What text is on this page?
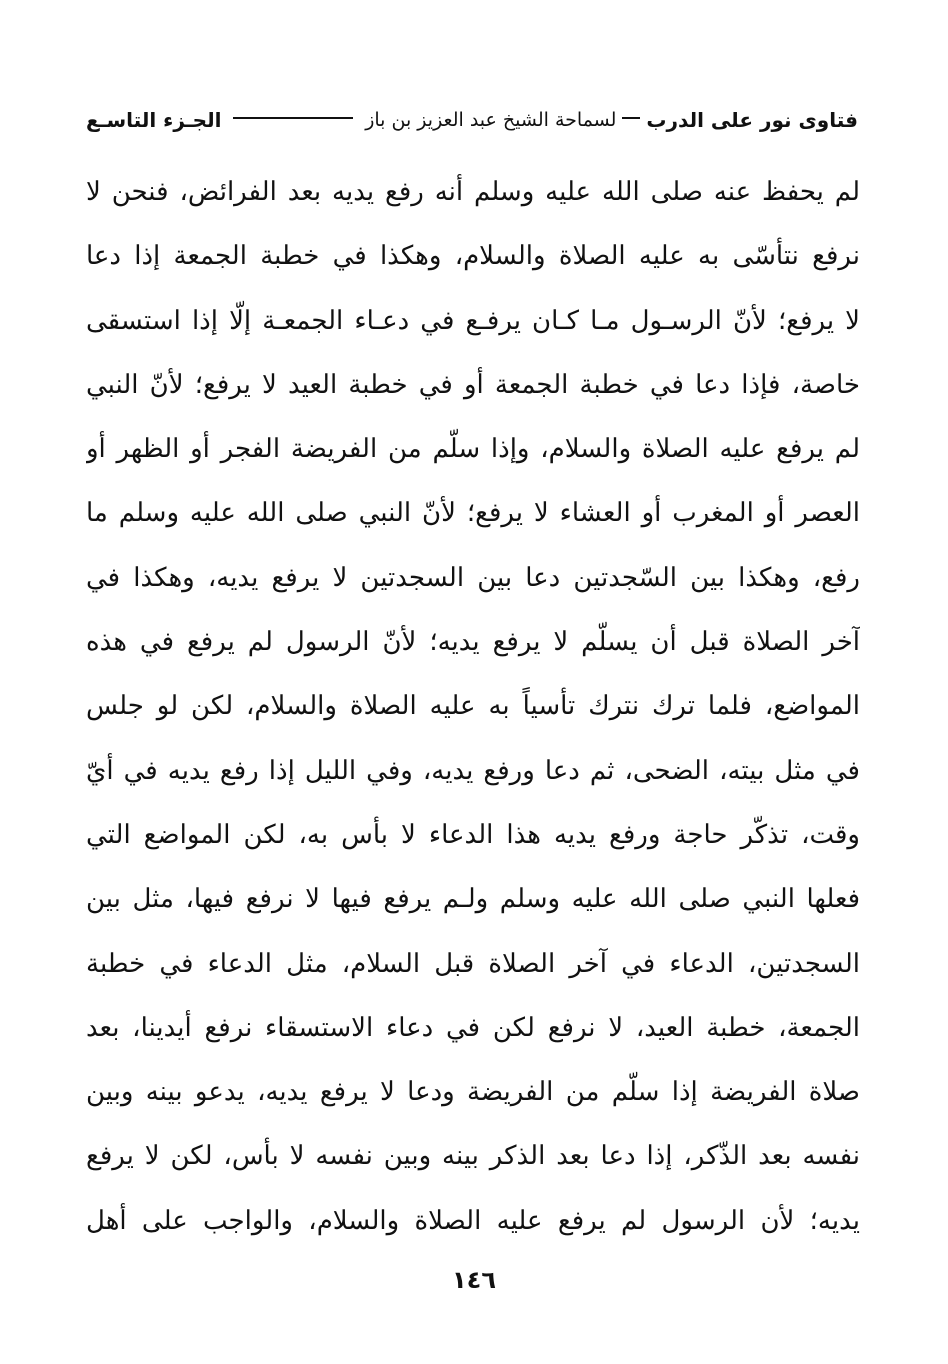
فتاوى نور على الدرب
لسماحة الشيخ عبد العزيز بن باز
الجـزء التاسـع
لم يحفظ عنه صلى الله عليه وسلم أنه رفع يديه بعد الفرائض، فنحن لا
نرفع نتأسّى به عليه الصلاة والسلام، وهكذا في خطبة الجمعة إذا دعا
لا يرفع؛ لأنّ الرسـول مـا كـان يرفـع في دعـاء الجمعـة إلّا إذا استسقى
خاصة، فإذا دعا في خطبة الجمعة أو في خطبة العيد لا يرفع؛ لأنّ النبي
لم يرفع عليه الصلاة والسلام، وإذا سلّم من الفريضة الفجر أو الظهر أو
العصر أو المغرب أو العشاء لا يرفع؛ لأنّ النبي صلى الله عليه وسلم ما
رفع، وهكذا بين السّجدتين دعا بين السجدتين لا يرفع يديه، وهكذا في
آخر الصلاة قبل أن يسلّم لا يرفع يديه؛ لأنّ الرسول لم يرفع في هذه
المواضع، فلما ترك نترك تأسياً به عليه الصلاة والسلام، لكن لو جلس
في مثل بيته، الضحى، ثم دعا ورفع يديه، وفي الليل إذا رفع يديه في أيّ
وقت، تذكّر حاجة ورفع يديه هذا الدعاء لا بأس به، لكن المواضع التي
فعلها النبي صلى الله عليه وسلم ولـم يرفع فيها لا نرفع فيها، مثل بين
السجدتين، الدعاء في آخر الصلاة قبل السلام، مثل الدعاء في خطبة
الجمعة، خطبة العيد، لا نرفع لكن في دعاء الاستسقاء نرفع أيدينا، بعد
صلاة الفريضة إذا سلّم من الفريضة ودعا لا يرفع يديه، يدعو بينه وبين
نفسه بعد الذّكر، إذا دعا بعد الذكر بينه وبين نفسه لا بأس، لكن لا يرفع
يديه؛ لأن الرسول لم يرفع عليه الصلاة والسلام، والواجب على أهل
١٤٦
